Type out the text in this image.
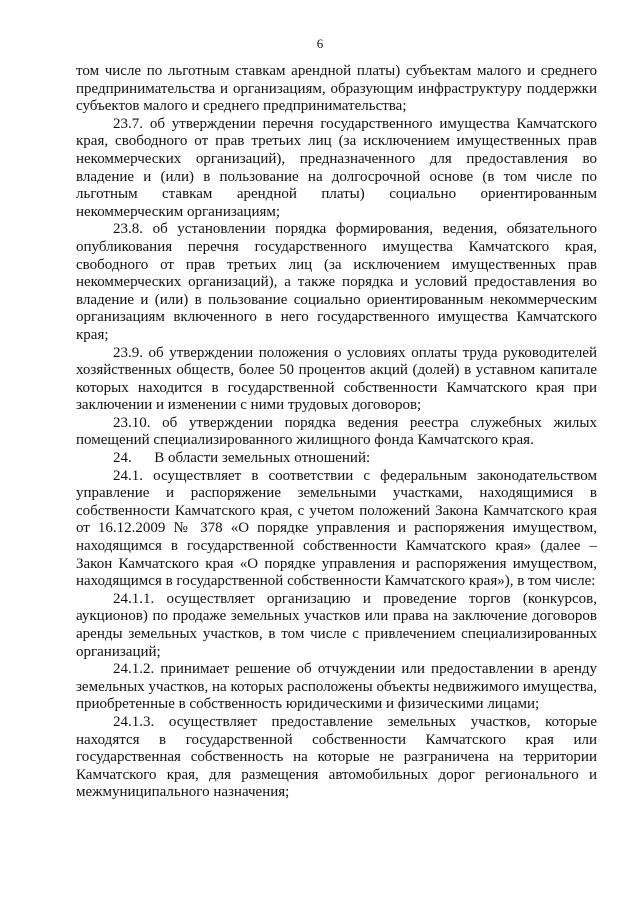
6

том числе по льготным ставкам арендной платы) субъектам малого и среднего предпринимательства и организациям, образующим инфраструктуру поддержки субъектов малого и среднего предпринимательства;

23.7. об утверждении перечня государственного имущества Камчатского края, свободного от прав третьих лиц (за исключением имущественных прав некоммерческих организаций), предназначенного для предоставления во владение и (или) в пользование на долгосрочной основе (в том числе по льготным ставкам арендной платы) социально ориентированным некоммерческим организациям;

23.8. об установлении порядка формирования, ведения, обязательного опубликования перечня государственного имущества Камчатского края, свободного от прав третьих лиц (за исключением имущественных прав некоммерческих организаций), а также порядка и условий предоставления во владение и (или) в пользование социально ориентированным некоммерческим организациям включенного в него государственного имущества Камчатского края;

23.9. об утверждении положения о условиях оплаты труда руководителей хозяйственных обществ, более 50 процентов акций (долей) в уставном капитале которых находится в государственной собственности Камчатского края при заключении и изменении с ними трудовых договоров;

23.10. об утверждении порядка ведения реестра служебных жилых помещений специализированного жилищного фонда Камчатского края.

24.      В области земельных отношений:

24.1. осуществляет в соответствии с федеральным законодательством управление и распоряжение земельными участками, находящимися в собственности Камчатского края, с учетом положений Закона Камчатского края от 16.12.2009 № 378 «О порядке управления и распоряжения имуществом, находящимся в государственной собственности Камчатского края» (далее – Закон Камчатского края «О порядке управления и распоряжения имуществом, находящимся в государственной собственности Камчатского края»), в том числе:

24.1.1. осуществляет организацию и проведение торгов (конкурсов, аукционов) по продаже земельных участков или права на заключение договоров аренды земельных участков, в том числе с привлечением специализированных организаций;

24.1.2. принимает решение об отчуждении или предоставлении в аренду земельных участков, на которых расположены объекты недвижимого имущества, приобретенные в собственность юридическими и физическими лицами;

24.1.3. осуществляет предоставление земельных участков, которые находятся в государственной собственности Камчатского края или государственная собственность на которые не разграничена на территории Камчатского края, для размещения автомобильных дорог регионального и межмуниципального назначения;
